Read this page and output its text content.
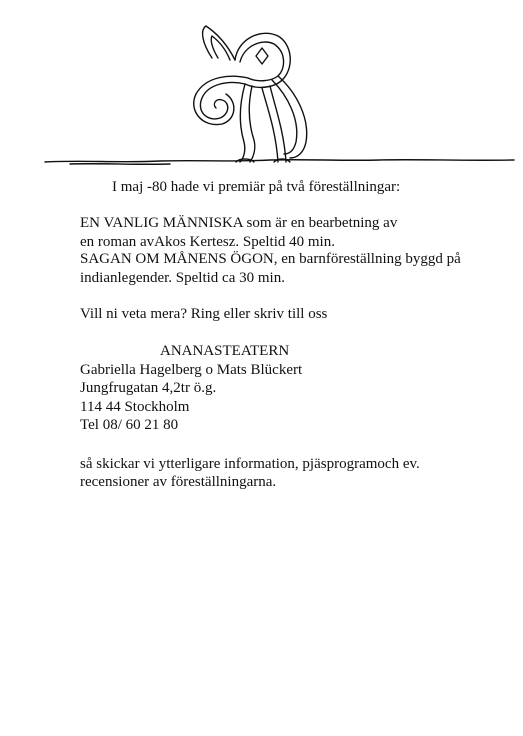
I maj -80 hade vi premiär på två föreställningar:
EN VANLIG MÄNNISKA som är en bearbetning av
en roman avAkos Kertesz. Speltid 40 min.
SAGAN OM MÅNENS ÖGON, en barnföreställning byggd på
indianlegender. Speltid ca 30 min.
Vill ni veta mera? Ring eller skriv till oss
ANANASTEATERN
Gabriella Hagelberg o Mats Blückert
Jungfrugatan 4,2tr ö.g.
114 44 Stockholm
Tel 08/ 60 21 80
så skickar vi ytterligare information, pjäsprogramoch ev.
recensioner av föreställningarna.
